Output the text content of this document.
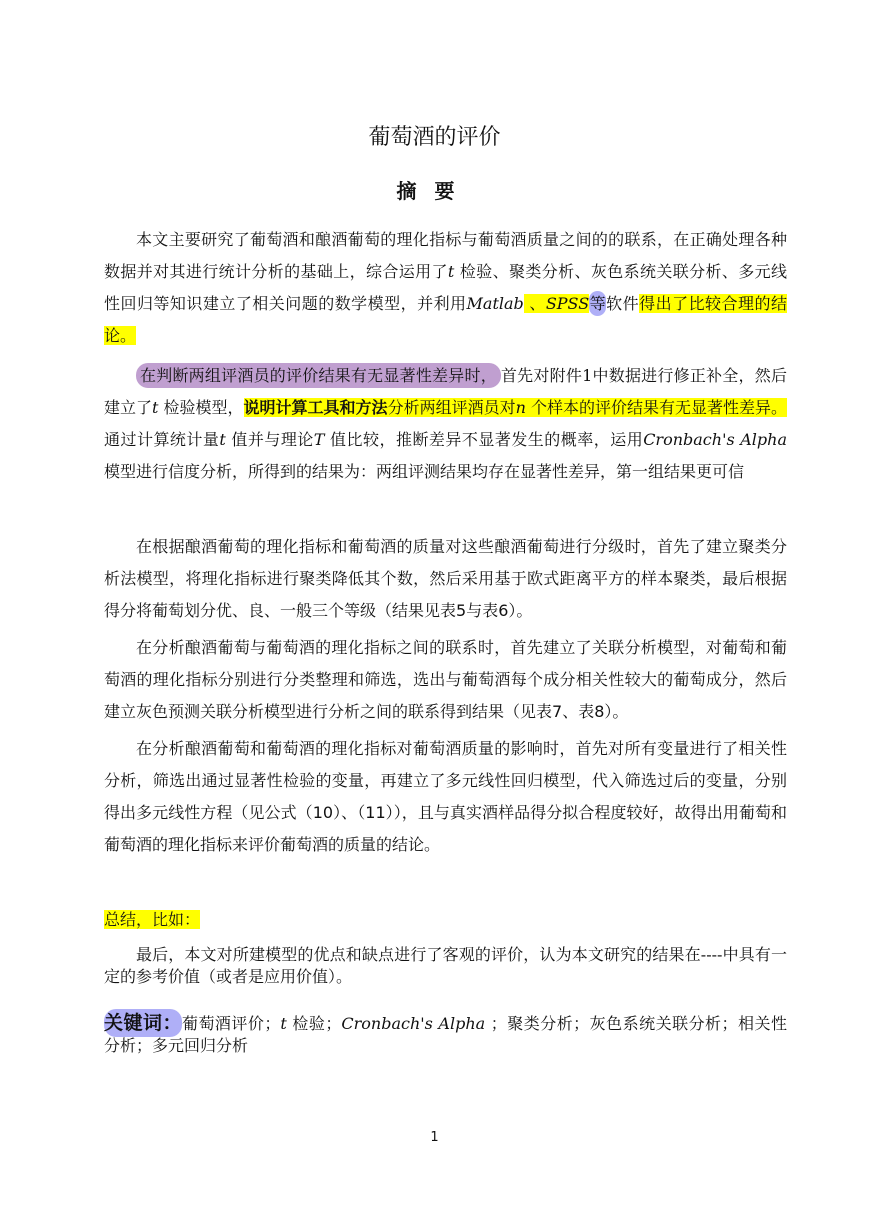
葡萄酒的评价
摘要

本文主要研究了葡萄酒和酿酒葡萄的理化指标与葡萄酒质量之间的的联系，在正确处理各种数据并对其进行统计分析的基础上，综合运用了t 检验、聚类分析、灰色系统关联分析、多元线性回归等知识建立了相关问题的数学模型，并利用Matlab 、SPSS等软件得出了比较合理的结论。

在判断两组评酒员的评价结果有无显著性差异时， 首先对附件1中数据进行修正补全，然后建立了t 检验模型，说明计算工具和方法分析两组评酒员对n 个样本的评价结果有无显著性差异。通过计算统计量t 值并与理论T 值比较，推断差异不显著发生的概率，运用Cronbach's Alpha 模型进行信度分析，所得到的结果为：两组评测结果均存在显著性差异，第一组结果更可信

在根据酿酒葡萄的理化指标和葡萄酒的质量对这些酿酒葡萄进行分级时，首先了建立聚类分析法模型，将理化指标进行聚类降低其个数，然后采用基于欧式距离平方的样本聚类，最后根据得分将葡萄划分优、良、一般三个等级（结果见表5与表6）。

在分析酿酒葡萄与葡萄酒的理化指标之间的联系时，首先建立了关联分析模型，对葡萄和葡萄酒的理化指标分别进行分类整理和筛选，选出与葡萄酒每个成分相关性较大的葡萄成分，然后建立灰色预测关联分析模型进行分析之间的联系得到结果（见表7、表8）。

在分析酿酒葡萄和葡萄酒的理化指标对葡萄酒质量的影响时，首先对所有变量进行了相关性分析，筛选出通过显著性检验的变量，再建立了多元线性回归模型，代入筛选过后的变量，分别得出多元线性方程（见公式（10）、（11）），且与真实酒样品得分拟合程度较好，故得出用葡萄和葡萄酒的理化指标来评价葡萄酒的质量的结论。

总结，比如：

最后，本文对所建模型的优点和缺点进行了客观的评价，认为本文研究的结果在----中具有一定的参考价值（或者是应用价值）。

关键词：葡萄酒评价；t 检验；Cronbach's Alpha ；聚类分析；灰色系统关联分析；相关性分析；多元回归分析

1
